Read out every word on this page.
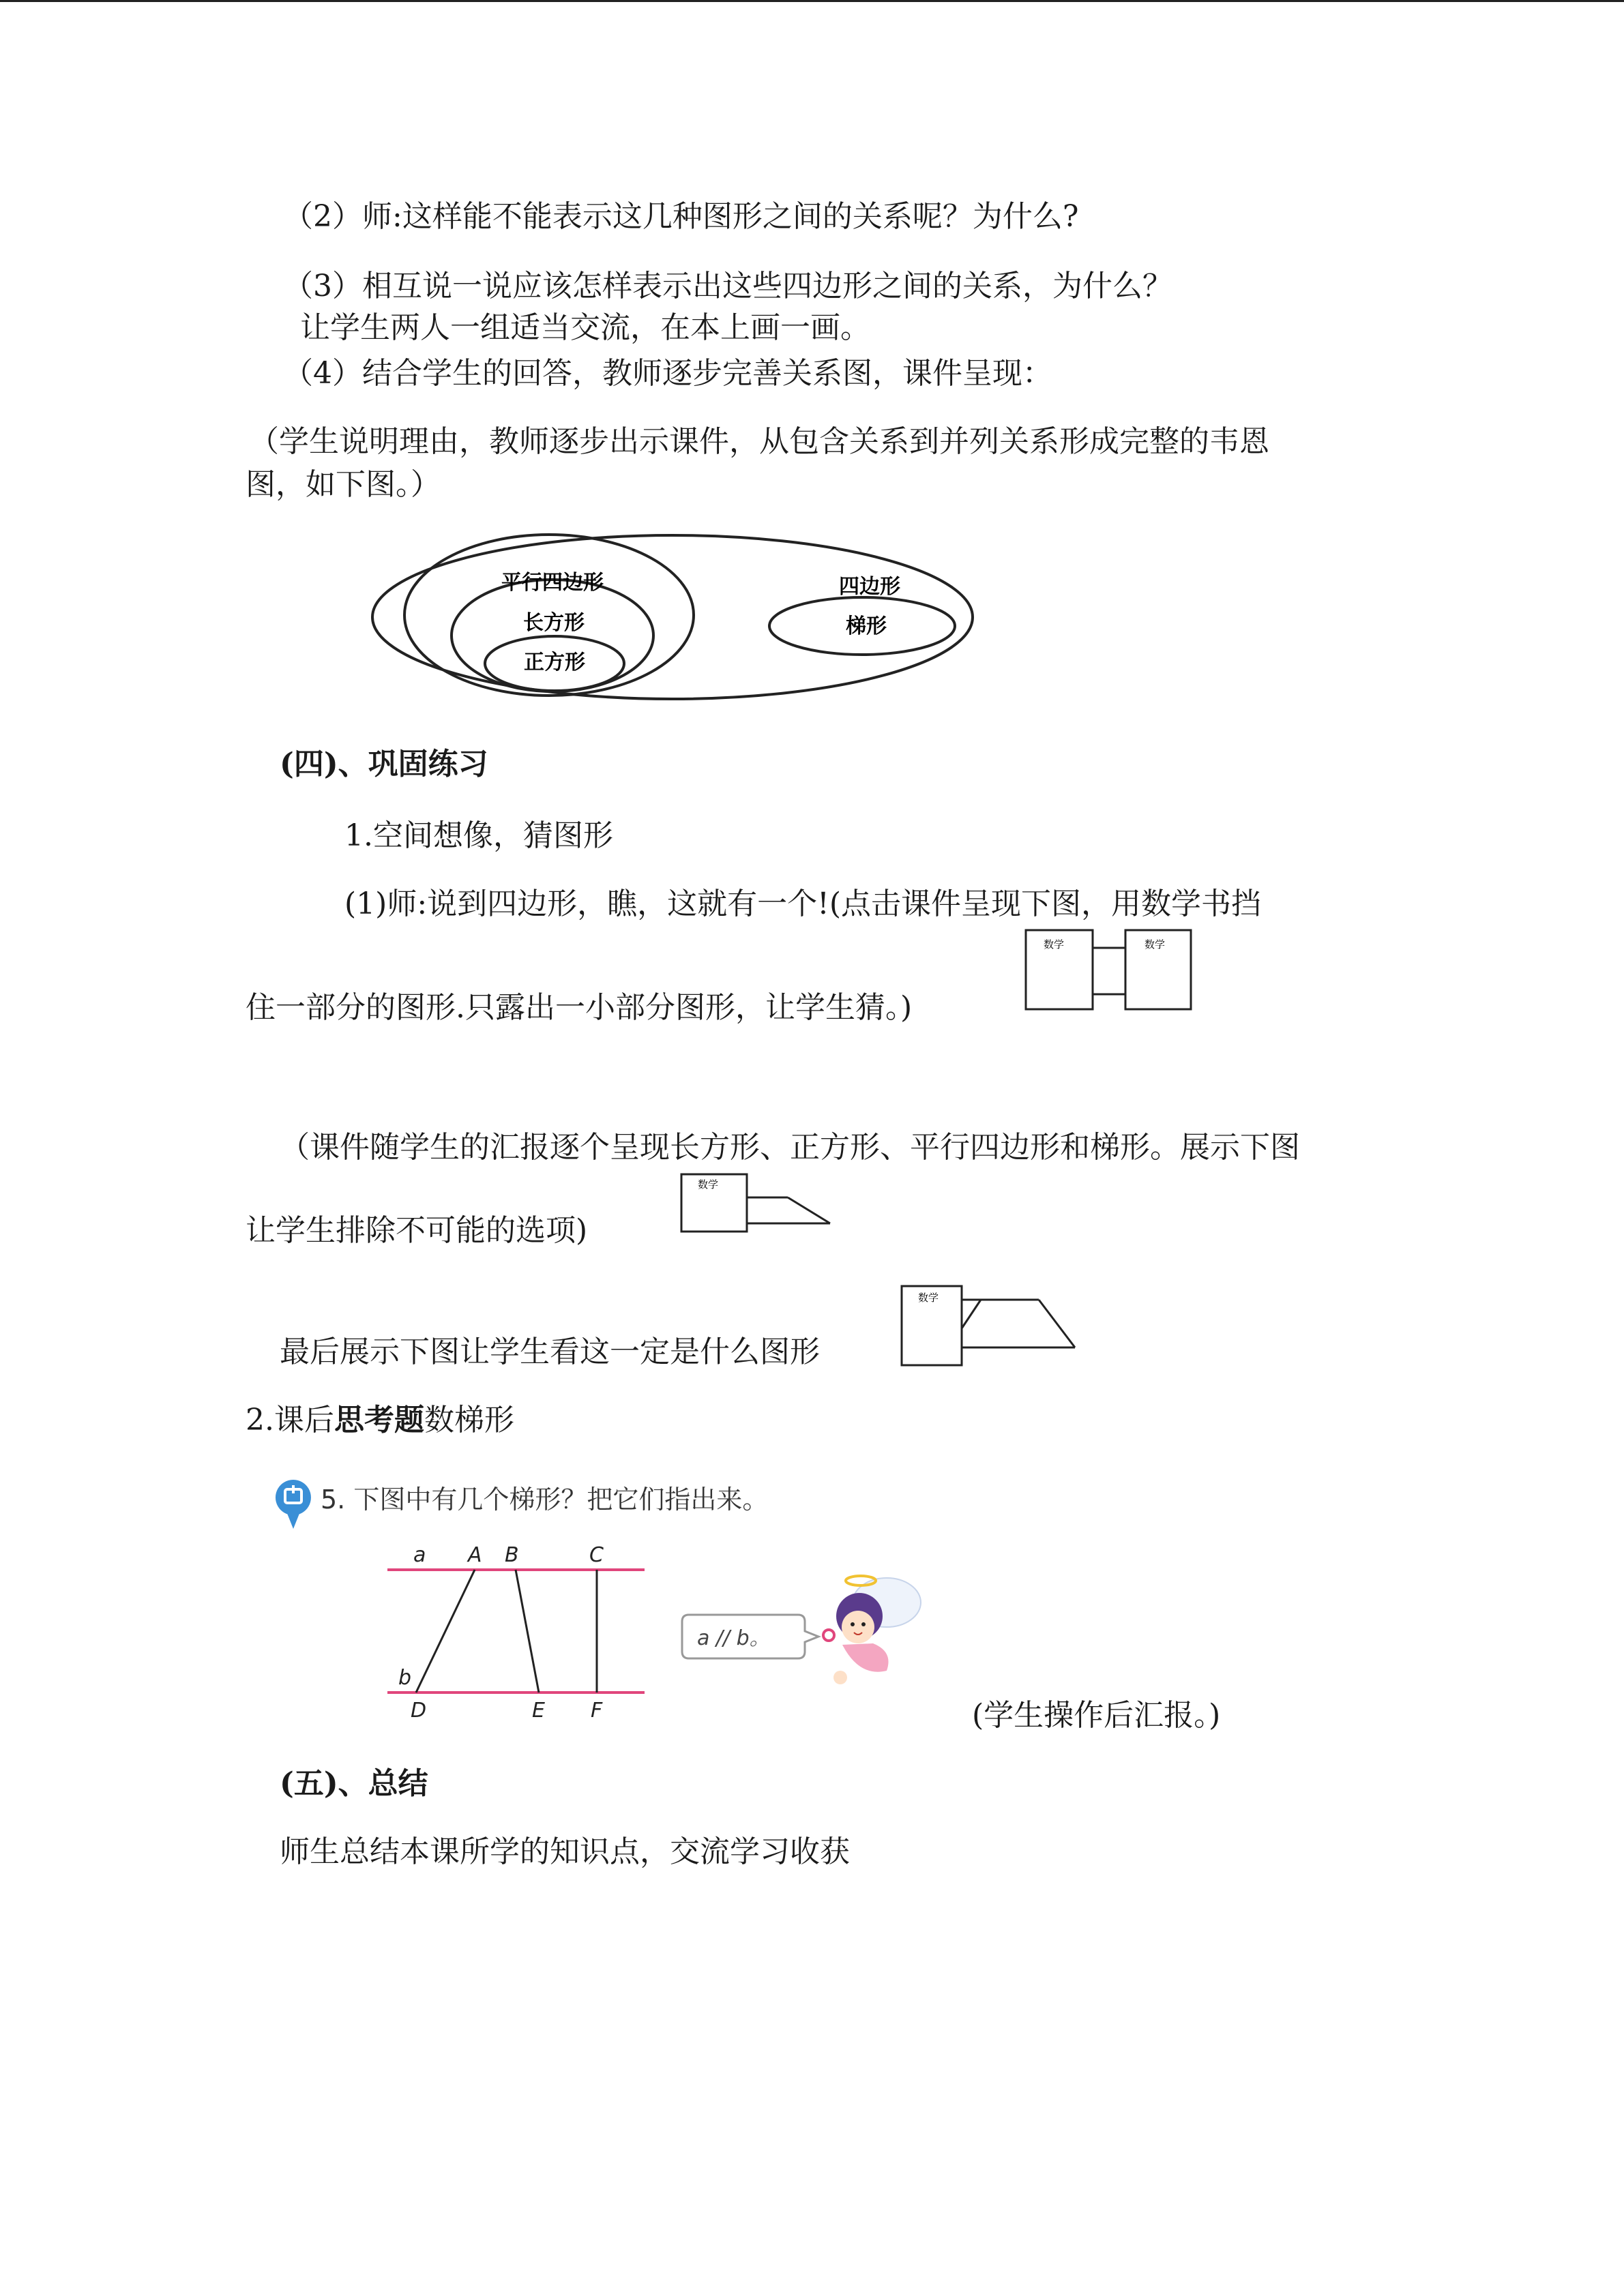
（2）师:这样能不能表示这几种图形之间的关系呢？为什么?
（3）相互说一说应该怎样表示出这些四边形之间的关系，为什么？
让学生两人一组适当交流，在本上画一画。
（4）结合学生的回答，教师逐步完善关系图，课件呈现：
（学生说明理由，教师逐步出示课件，从包含关系到并列关系形成完整的韦恩
图，如下图。）
平行四边形
长方形
正方形
四边形
梯形
(四)、巩固练习
1.空间想像，猜图形
(1)师:说到四边形，瞧，这就有一个!(点击课件呈现下图，用数学书挡
住一部分的图形.只露出一小部分图形，让学生猜。)
数学	数学
（课件随学生的汇报逐个呈现长方形、正方形、平行四边形和梯形。展示下图
让学生排除不可能的选项)
数学
最后展示下图让学生看这一定是什么图形
数学
2.课后思考题数梯形
5. 下图中有几个梯形？把它们指出来。
a A B	C
b
D	E F
a // b。
(学生操作后汇报。)
(五)、总结
师生总结本课所学的知识点，交流学习收获
